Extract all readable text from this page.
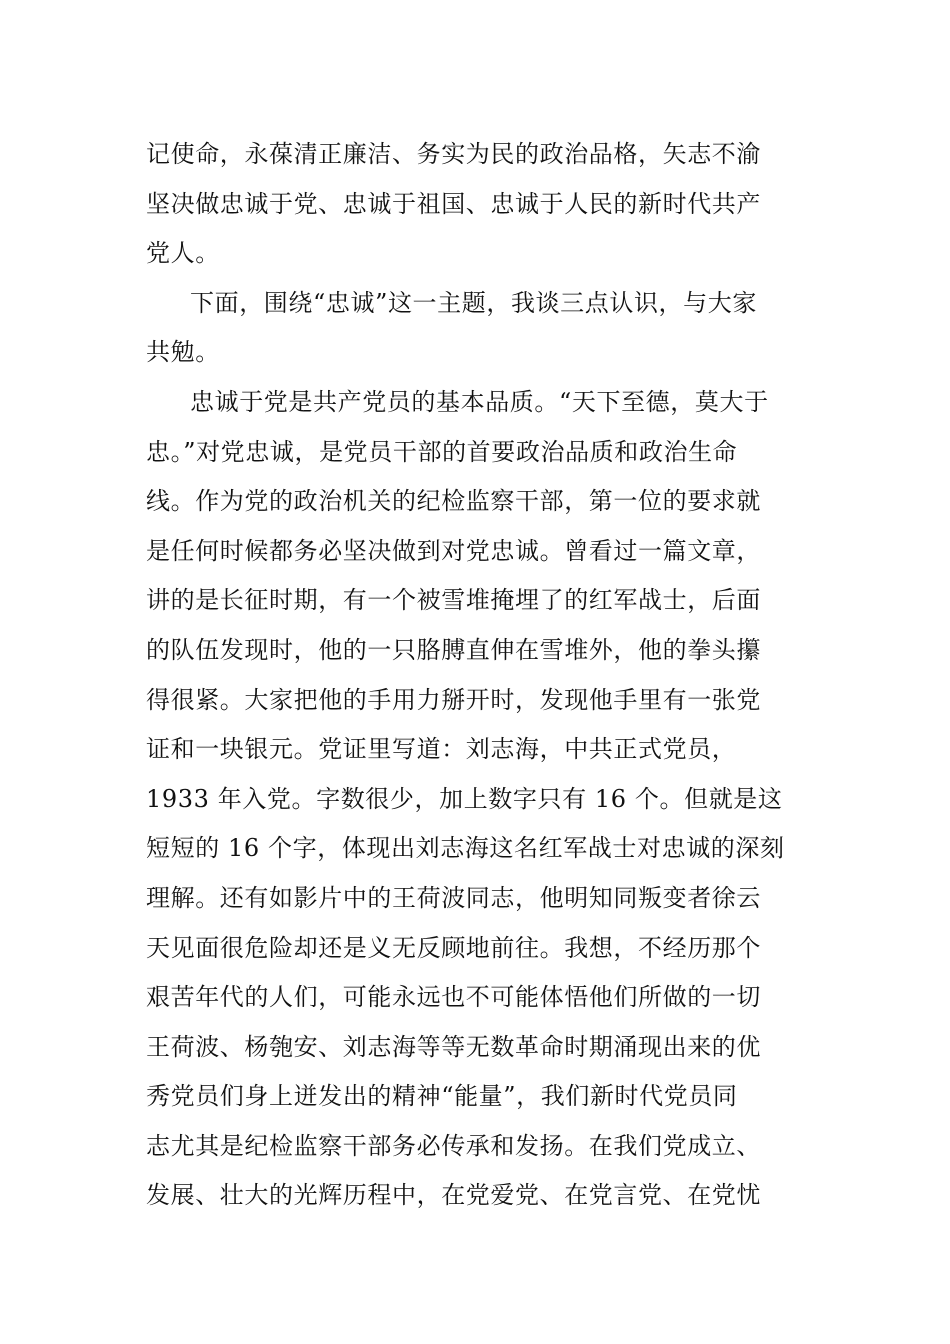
记使命，永葆清正廉洁、务实为民的政治品格，矢志不渝
坚决做忠诚于党、忠诚于祖国、忠诚于人民的新时代共产
党人。
下面，围绕“忠诚”这一主题，我谈三点认识，与大家
共勉。
忠诚于党是共产党员的基本品质。“天下至德，莫大于
忠。”对党忠诚，是党员干部的首要政治品质和政治生命
线。作为党的政治机关的纪检监察干部，第一位的要求就
是任何时候都务必坚决做到对党忠诚。曾看过一篇文章，
讲的是长征时期，有一个被雪堆掩埋了的红军战士，后面
的队伍发现时，他的一只胳膊直伸在雪堆外，他的拳头攥
得很紧。大家把他的手用力掰开时，发现他手里有一张党
证和一块银元。党证里写道：刘志海，中共正式党员，
1933 年入党。字数很少，加上数字只有 16 个。但就是这
短短的 16 个字，体现出刘志海这名红军战士对忠诚的深刻
理解。还有如影片中的王荷波同志，他明知同叛变者徐云
天见面很危险却还是义无反顾地前往。我想，不经历那个
艰苦年代的人们，可能永远也不可能体悟他们所做的一切
王荷波、杨匏安、刘志海等等无数革命时期涌现出来的优
秀党员们身上迸发出的精神“能量”，我们新时代党员同
志尤其是纪检监察干部务必传承和发扬。在我们党成立、
发展、壮大的光辉历程中，在党爱党、在党言党、在党忧
